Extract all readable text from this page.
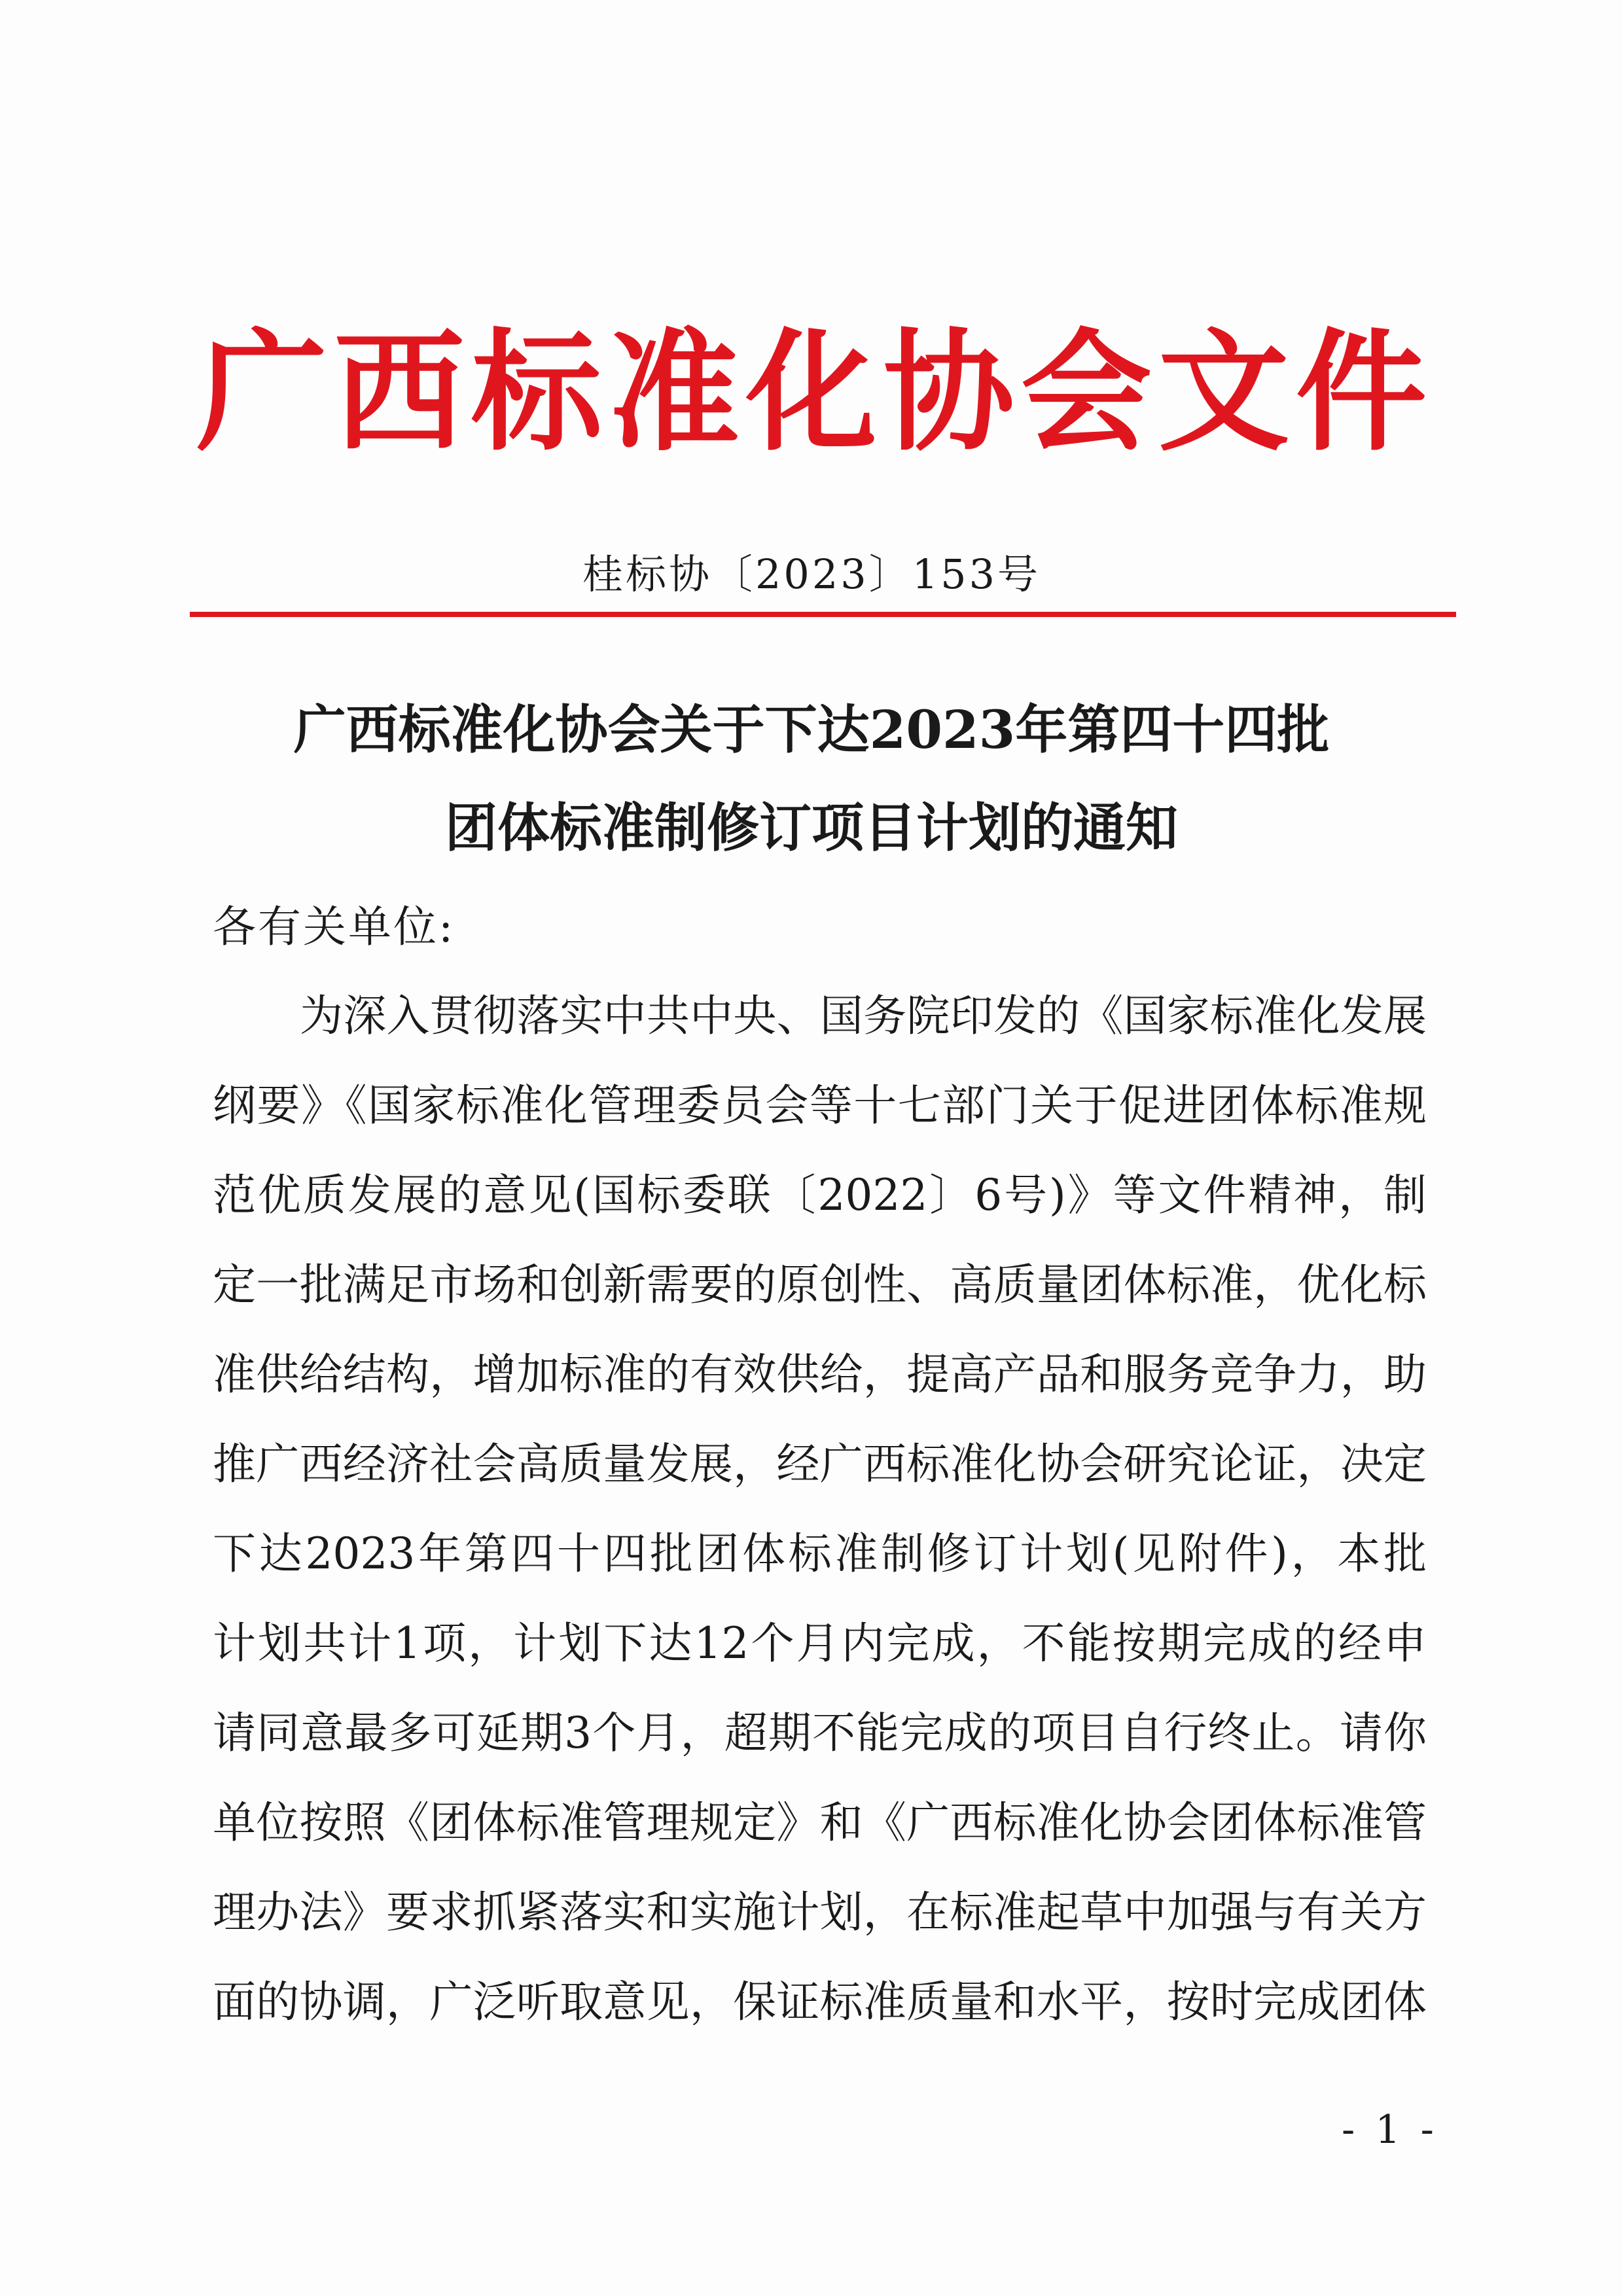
广 西 标 准 化 协 会 文 件

桂标协〔2023〕153号

广西标准化协会关于下达2023年第四十四批
团体标准制修订项目计划的通知

各有关单位:

为深入贯彻落实中共中央、国务院印发的《国家标准化发展

纲要》《国家标准化管理委员会等十七部门关于促进团体标准规

范优质发展的意见(国标委联〔2022〕6号)》等文件精神，制

定一批满足市场和创新需要的原创性、高质量团体标准，优化标

准供给结构，增加标准的有效供给，提高产品和服务竞争力，助

推广西经济社会高质量发展，经广西标准化协会研究论证，决定

下达2023年第四十四批团体标准制修订计划(见附件)，本批

计划共计1项，计划下达12个月内完成，不能按期完成的经申

请同意最多可延期3个月，超期不能完成的项目自行终止。请你

单位按照《团体标准管理规定》和《广西标准化协会团体标准管

理办法》要求抓紧落实和实施计划，在标准起草中加强与有关方

面的协调，广泛听取意见，保证标准质量和水平，按时完成团体

- 1 -
